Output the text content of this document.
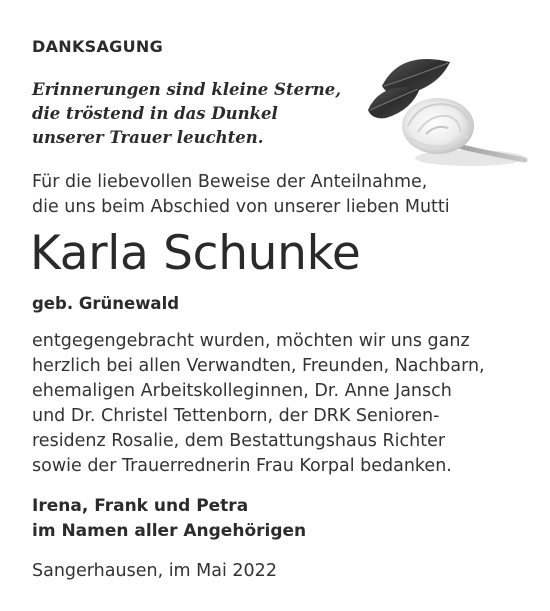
DANKSAGUNG
Erinnerungen sind kleine Sterne,
die tröstend in das Dunkel
unserer Trauer leuchten.
Für die liebevollen Beweise der Anteilnahme,
die uns beim Abschied von unserer lieben Mutti
Karla Schunke
geb. Grünewald
entgegengebracht wurden, möchten wir uns ganz
herzlich bei allen Verwandten, Freunden, Nachbarn,
ehemaligen Arbeitskolleginnen, Dr. Anne Jansch
und Dr. Christel Tettenborn, der DRK Senioren-
residenz Rosalie, dem Bestattungshaus Richter
sowie der Trauerrednerin Frau Korpal bedanken.
Irena, Frank und Petra
im Namen aller Angehörigen
Sangerhausen, im Mai 2022
